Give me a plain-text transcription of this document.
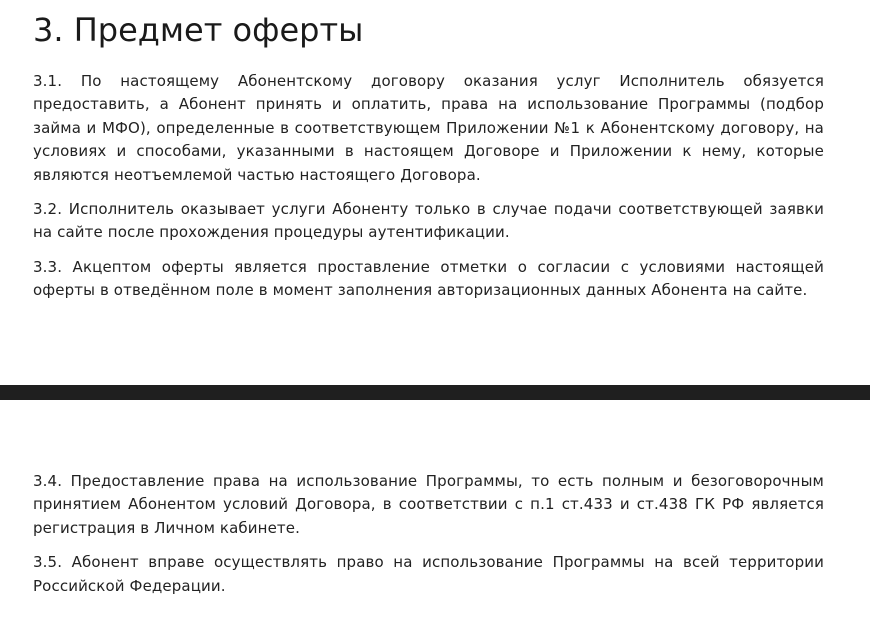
3. Предмет оферты

3.1. По настоящему Абонентскому договору оказания услуг Исполнитель обязуется предоставить, а Абонент принять и оплатить, права на использование Программы (подбор займа и МФО), определенные в соответствующем Приложении №1 к Абонентскому договору, на условиях и способами, указанными в настоящем Договоре и Приложении к нему, которые являются неотъемлемой частью настоящего Договора.

3.2. Исполнитель оказывает услуги Абоненту только в случае подачи соответствующей заявки на сайте после прохождения процедуры аутентификации.

3.3. Акцептом оферты является проставление отметки о согласии с условиями настоящей оферты в отведённом поле в момент заполнения авторизационных данных Абонента на сайте.

3.4. Предоставление права на использование Программы, то есть полным и безоговорочным принятием Абонентом условий Договора, в соответствии с п.1 ст.433 и ст.438 ГК РФ является регистрация в Личном кабинете.

3.5. Абонент вправе осуществлять право на использование Программы на всей территории Российской Федерации.
